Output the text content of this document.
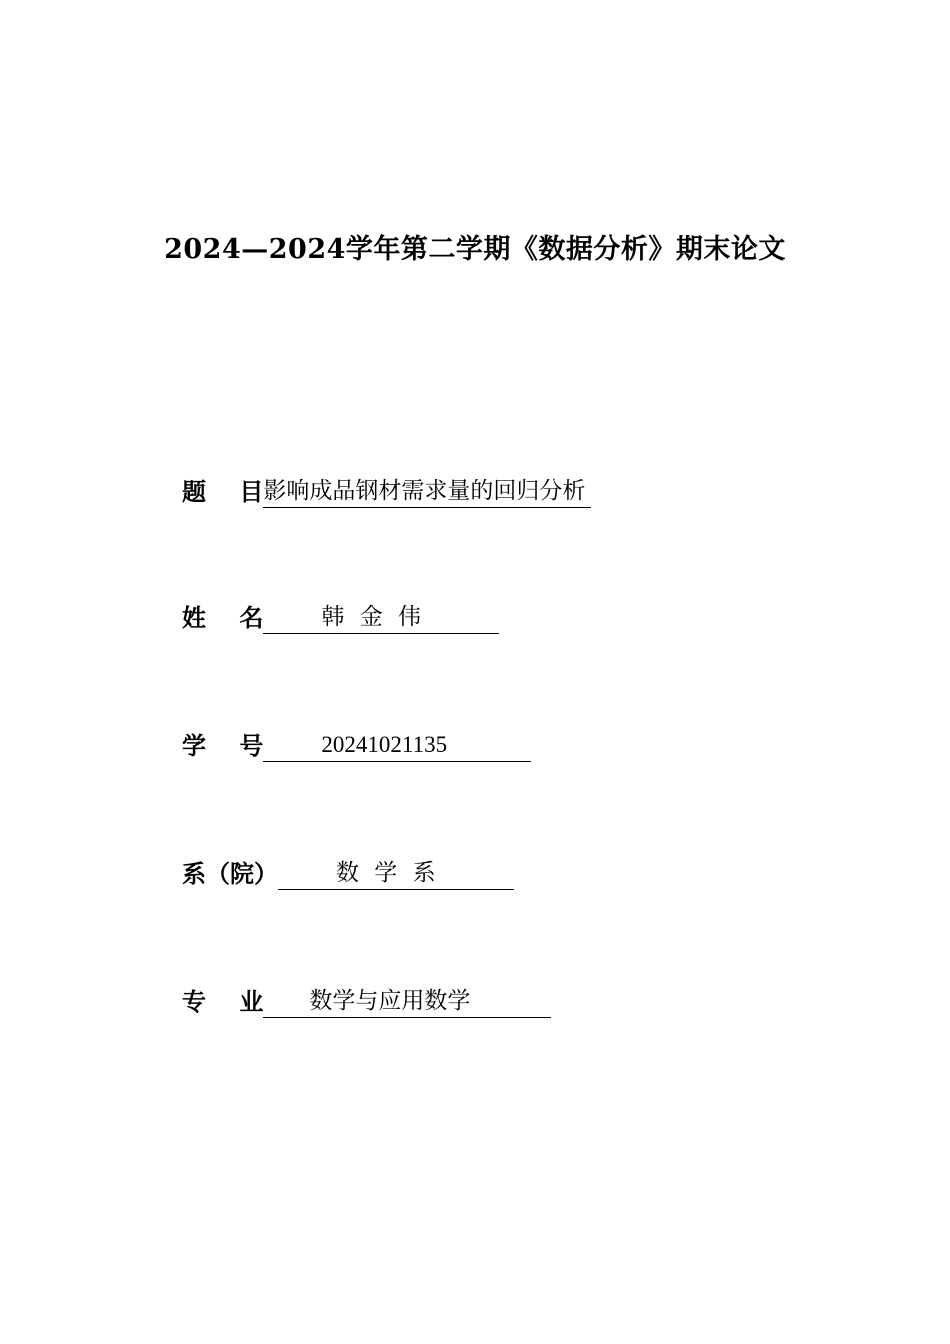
2024—2024学年第二学期《数据分析》期末论文
题    目 影响成品钢材需求量的回归分析
姓    名	韩 金 伟
学    号	20241021135
系（院）	数 学 系
专    业	数学与应用数学
